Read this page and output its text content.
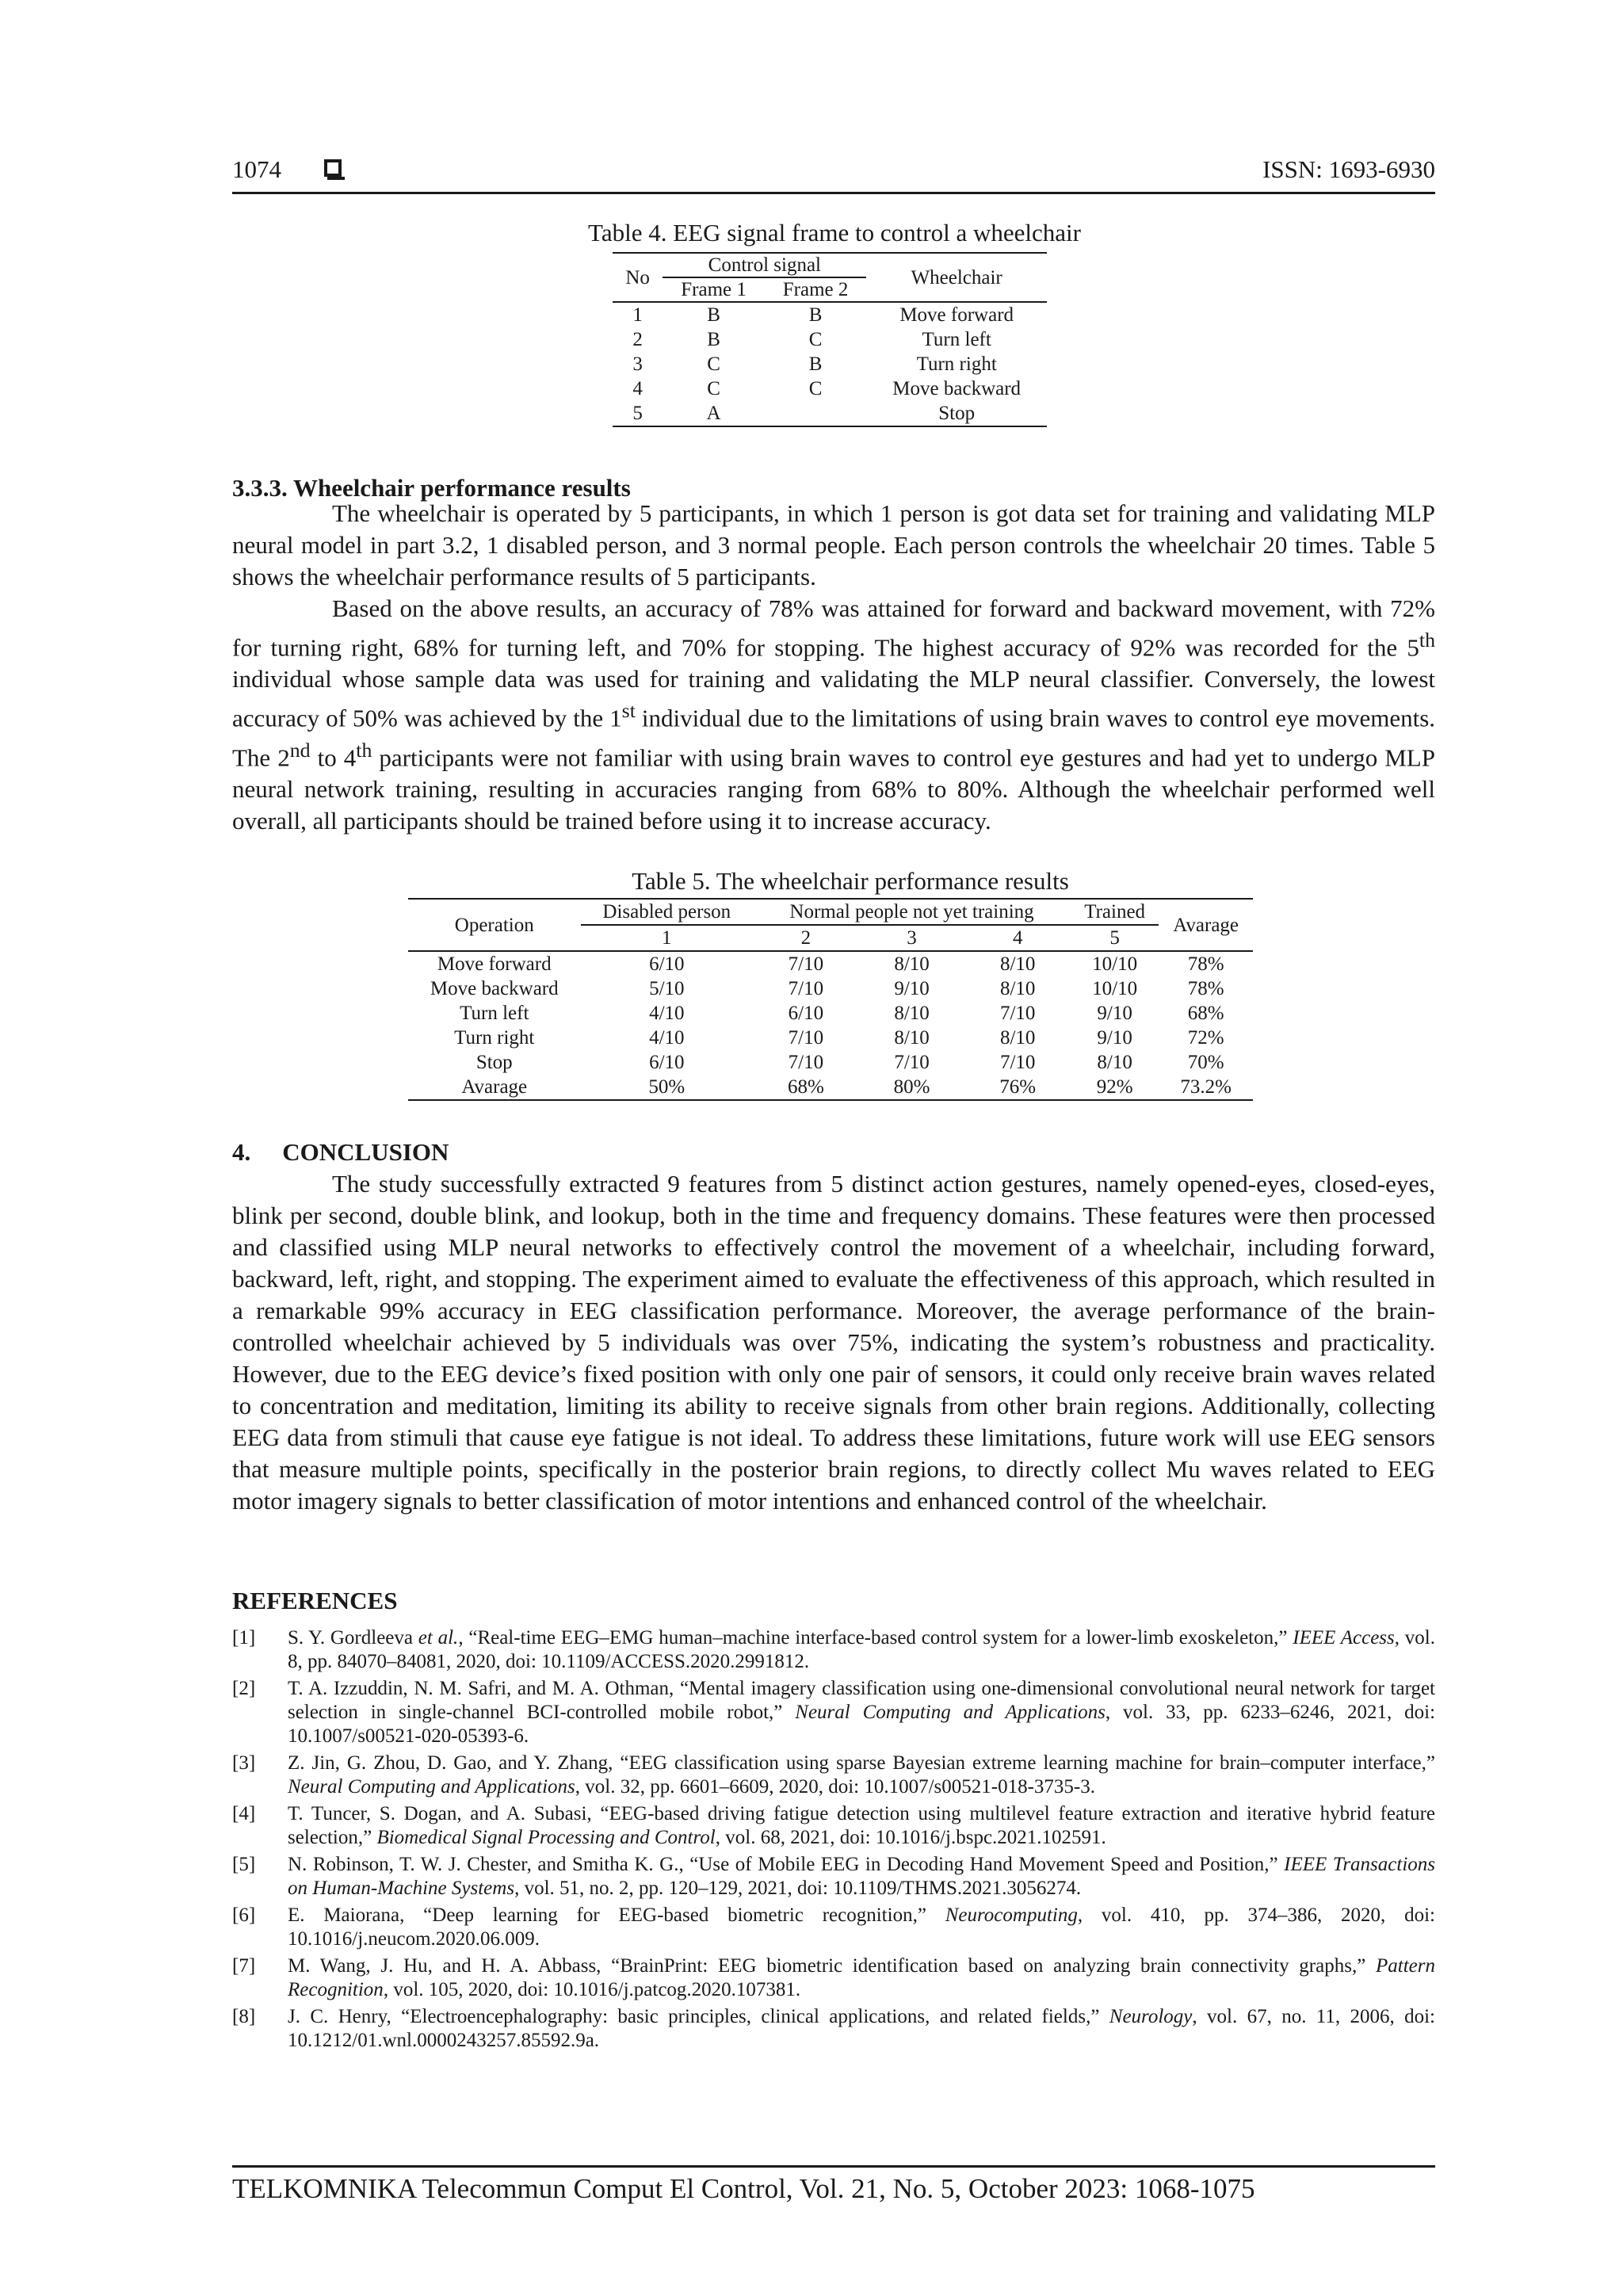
1074	ISSN: 1693-6930
Table 4. EEG signal frame to control a wheelchair
No	Control signal		Wheelchair
	Frame 1	Frame 2	
1	B	B	Move forward
2	B	C	Turn left
3	C	B	Turn right
4	C	C	Move backward
5	A		Stop
3.3.3. Wheelchair performance results

The wheelchair is operated by 5 participants, in which 1 person is got data set for training and validating MLP neural model in part 3.2, 1 disabled person, and 3 normal people. Each person controls the wheelchair 20 times. Table 5 shows the wheelchair performance results of 5 participants.

Based on the above results, an accuracy of 78% was attained for forward and backward movement, with 72% for turning right, 68% for turning left, and 70% for stopping. The highest accuracy of 92% was recorded for the 5th individual whose sample data was used for training and validating the MLP neural classifier. Conversely, the lowest accuracy of 50% was achieved by the 1st individual due to the limitations of using brain waves to control eye movements. The 2nd to 4th participants were not familiar with using brain waves to control eye gestures and had yet to undergo MLP neural network training, resulting in accuracies ranging from 68% to 80%. Although the wheelchair performed well overall, all participants should be trained before using it to increase accuracy.

Table 5. The wheelchair performance results
Operation	Disabled person	Normal people not yet training			Trained	Avarage
	1	2	3	4	5	
Move forward	6/10	7/10	8/10	8/10	10/10	78%
Move backward	5/10	7/10	9/10	8/10	10/10	78%
Turn left	4/10	6/10	8/10	7/10	9/10	68%
Turn right	4/10	7/10	8/10	8/10	9/10	72%
Stop	6/10	7/10	7/10	7/10	8/10	70%
Avarage	50%	68%	80%	76%	92%	73.2%
4. CONCLUSION

The study successfully extracted 9 features from 5 distinct action gestures, namely opened-eyes, closed-eyes, blink per second, double blink, and lookup, both in the time and frequency domains. These features were then processed and classified using MLP neural networks to effectively control the movement of a wheelchair, including forward, backward, left, right, and stopping. The experiment aimed to evaluate the effectiveness of this approach, which resulted in a remarkable 99% accuracy in EEG classification performance. Moreover, the average performance of the brain-controlled wheelchair achieved by 5 individuals was over 75%, indicating the system’s robustness and practicality. However, due to the EEG device’s fixed position with only one pair of sensors, it could only receive brain waves related to concentration and meditation, limiting its ability to receive signals from other brain regions. Additionally, collecting EEG data from stimuli that cause eye fatigue is not ideal. To address these limitations, future work will use EEG sensors that measure multiple points, specifically in the posterior brain regions, to directly collect Mu waves related to EEG motor imagery signals to better classification of motor intentions and enhanced control of the wheelchair.

REFERENCES
[1]	S. Y. Gordleeva et al., “Real-time EEG–EMG human–machine interface-based control system for a lower-limb exoskeleton,” IEEE Access, vol. 8, pp. 84070–84081, 2020, doi: 10.1109/ACCESS.2020.2991812.
[2]	T. A. Izzuddin, N. M. Safri, and M. A. Othman, “Mental imagery classification using one-dimensional convolutional neural network for target selection in single-channel BCI-controlled mobile robot,” Neural Computing and Applications, vol. 33, pp. 6233–6246, 2021, doi: 10.1007/s00521-020-05393-6.
[3]	Z. Jin, G. Zhou, D. Gao, and Y. Zhang, “EEG classification using sparse Bayesian extreme learning machine for brain–computer interface,” Neural Computing and Applications, vol. 32, pp. 6601–6609, 2020, doi: 10.1007/s00521-018-3735-3.
[4]	T. Tuncer, S. Dogan, and A. Subasi, “EEG-based driving fatigue detection using multilevel feature extraction and iterative hybrid feature selection,” Biomedical Signal Processing and Control, vol. 68, 2021, doi: 10.1016/j.bspc.2021.102591.
[5]	N. Robinson, T. W. J. Chester, and Smitha K. G., “Use of Mobile EEG in Decoding Hand Movement Speed and Position,” IEEE Transactions on Human-Machine Systems, vol. 51, no. 2, pp. 120–129, 2021, doi: 10.1109/THMS.2021.3056274.
[6]	E. Maiorana, “Deep learning for EEG-based biometric recognition,” Neurocomputing, vol. 410, pp. 374–386, 2020, doi: 10.1016/j.neucom.2020.06.009.
[7]	M. Wang, J. Hu, and H. A. Abbass, “BrainPrint: EEG biometric identification based on analyzing brain connectivity graphs,” Pattern Recognition, vol. 105, 2020, doi: 10.1016/j.patcog.2020.107381.
[8]	J. C. Henry, “Electroencephalography: basic principles, clinical applications, and related fields,” Neurology, vol. 67, no. 11, 2006, doi: 10.1212/01.wnl.0000243257.85592.9a.
TELKOMNIKA Telecommun Comput El Control, Vol. 21, No. 5, October 2023: 1068-1075
